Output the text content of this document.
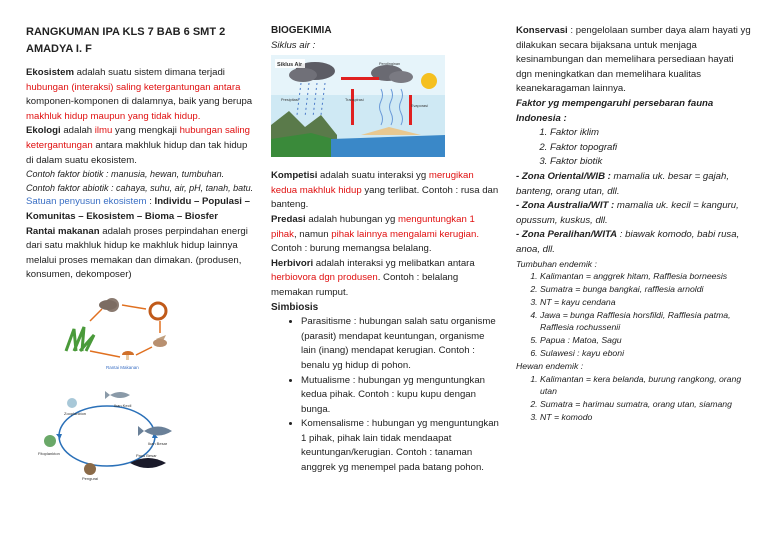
RANGKUMAN IPA KLS 7 BAB 6 SMT 2

AMADYA I. F

Ekosistem adalah suatu sistem dimana terjadi hubungan (interaksi) saling ketergantungan antara komponen-komponen di dalamnya, baik yang berupa makhluk hidup maupun yang tidak hidup.

Ekologi adalah ilmu yang mengkaji hubungan saling ketergantungan antara makhluk hidup dan tak hidup di dalam suatu ekosistem.

Contoh faktor biotik : manusia, hewan, tumbuhan.

Contoh faktor abiotik : cahaya, suhu, air, pH, tanah, batu.

Satuan penyusun ekosistem : Individu – Populasi – Komunitas – Ekosistem – Bioma – Biosfer

Rantai makanan adalah proses perpindahan energi dari satu makhluk hidup ke makhluk hidup lainnya melalui proses memakan dan dimakan. (produsen, konsumen, dekomposer)

Rantai Makanan
Zooplankton
Ikan Kecil
Ikan Besar
Fitoplankton
Pengurai
Paus Besar

BIOGEKIMIA

Siklus air :

Siklus Air
Presipitasi	Transpirasi
Evaporasi
Pendinginan

Kompetisi adalah suatu interaksi yg merugikan kedua makhluk hidup yang terlibat. Contoh : rusa dan banteng.

Predasi adalah hubungan yg menguntungkan 1 pihak, namun pihak lainnya mengalami kerugian. Contoh : burung memangsa belalang.

Herbivori adalah interaksi yg melibatkan antara herbiovora dgn produsen. Contoh : belalang memakan rumput.

Simbiosis

• Parasitisme : hubungan salah satu organisme (parasit) mendapat keuntungan, organisme lain (inang) mendapat kerugian. Contoh : benalu yg hidup di pohon.
• Mutualisme : hubungan yg menguntungkan kedua pihak. Contoh : kupu kupu dengan bunga.
• Komensalisme : hubungan yg menguntungkan 1 pihak, pihak lain tidak mendaapat keuntungan/kerugian. Contoh : tanaman anggrek yg menempel pada batang pohon.

Konservasi : pengelolaan sumber daya alam hayati yg dilakukan secara bijaksana untuk menjaga kesinambungan dan memelihara persediaan hayati dgn meningkatkan dan memelihara kualitas keanekaragaman lainnya.

Faktor yg mempengaruhi persebaran fauna Indonesia :

1. Faktor iklim
2. Faktor topografi
3. Faktor biotik

- Zona Oriental/WIB : mamalia uk. besar = gajah, banteng, orang utan, dll.

- Zona Australia/WIT : mamalia uk. kecil = kanguru, opussum, kuskus, dll.

- Zona Peralihan/WITA : biawak komodo, babi rusa, anoa, dll.

Tumbuhan endemik :

1. Kalimantan = anggrek hitam, Rafflesia borneesis
2. Sumatra = bunga bangkai, rafflesia arnoldi
3. NT = kayu cendana
4. Jawa = bunga Rafflesia horsfildi, Rafflesia patma, Rafflesia rochussenii
5. Papua : Matoa, Sagu
6. Sulawesi : kayu eboni

Hewan endemik :

1. Kalimantan = kera belanda, burung rangkong, orang utan
2. Sumatra = harimau sumatra, orang utan, siamang
3. NT = komodo
